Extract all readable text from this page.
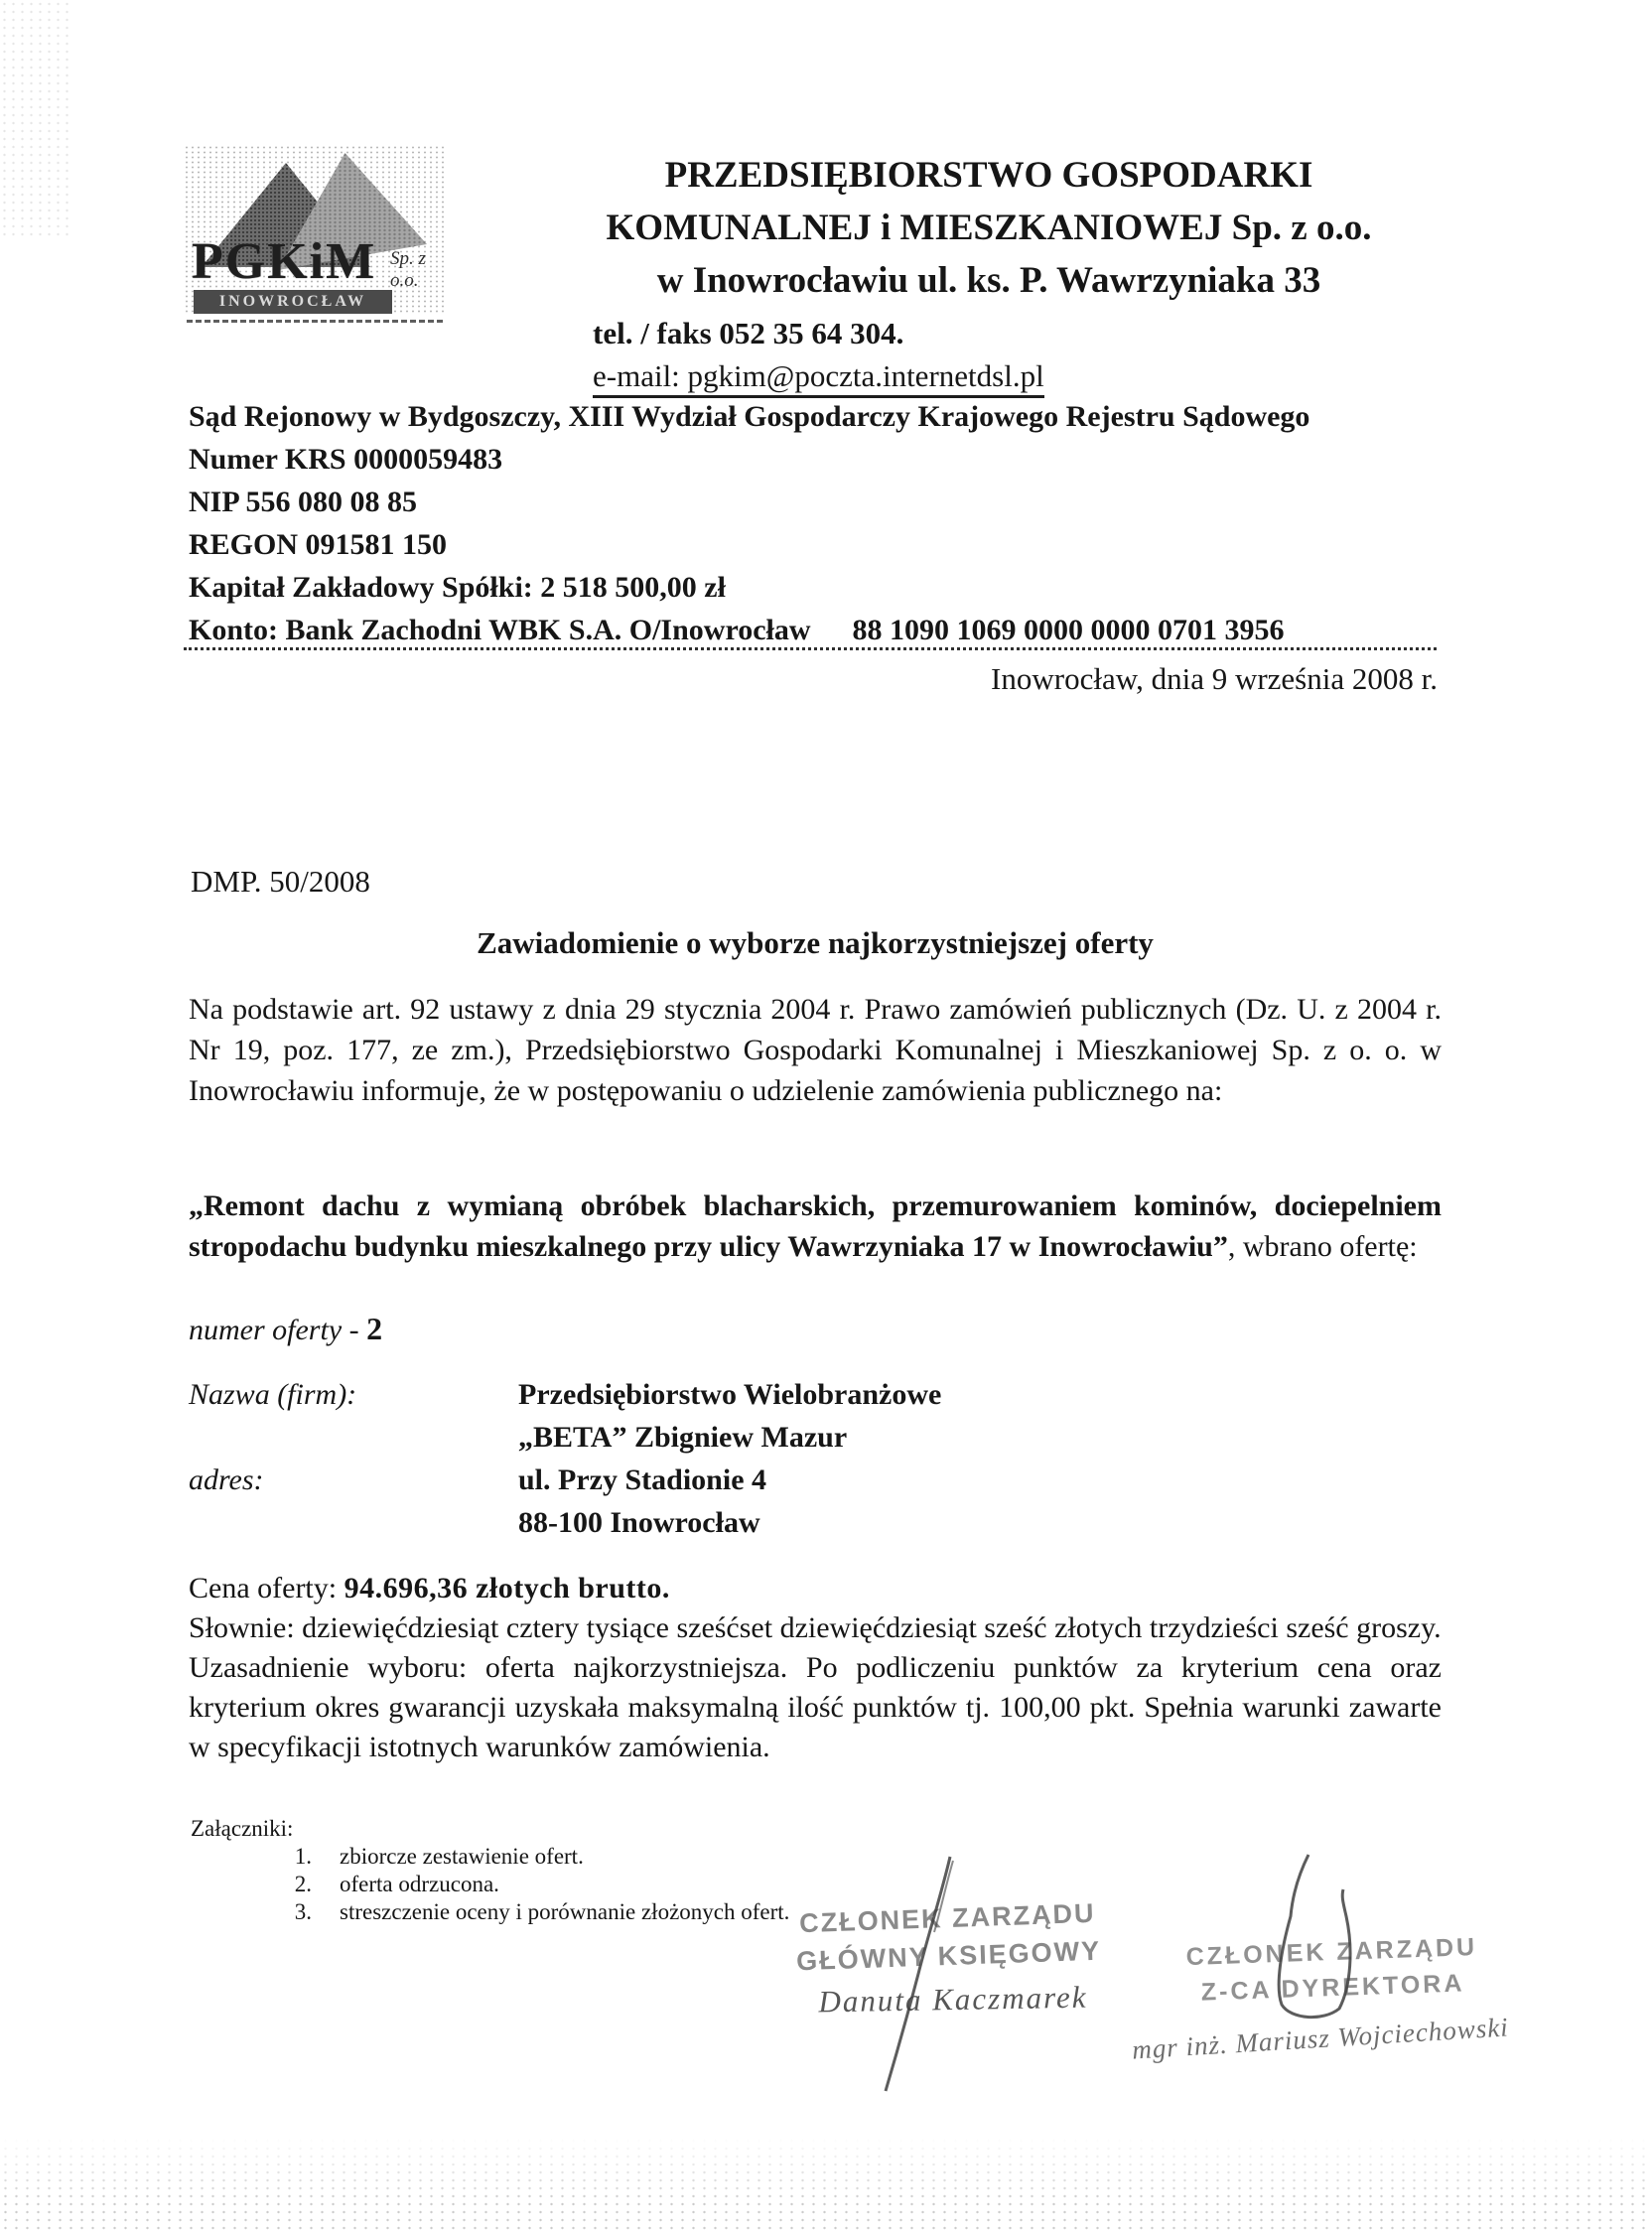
PGKiM
INOWROCŁAW
Sp. z o.o.
PRZEDSIĘBIORSTWO GOSPODARKI
KOMUNALNEJ i MIESZKANIOWEJ Sp. z o.o.
w Inowrocławiu ul. ks. P. Wawrzyniaka 33
tel. / faks 052 35 64 304.
e-mail: pgkim@poczta.internetdsl.pl
Sąd Rejonowy w Bydgoszczy, XIII Wydział Gospodarczy Krajowego Rejestru Sądowego
Numer KRS 0000059483
NIP 556 080 08 85
REGON 091581 150
Kapitał Zakładowy Spółki: 2 518 500,00 zł
Konto: Bank Zachodni WBK S.A. O/Inowrocław 88 1090 1069 0000 0000 0701 3956
Inowrocław, dnia 9 września 2008 r.
DMP. 50/2008
Zawiadomienie o wyborze najkorzystniejszej oferty
Na podstawie art. 92 ustawy z dnia 29 stycznia 2004 r. Prawo zamówień publicznych (Dz. U. z 2004 r. Nr 19, poz. 177, ze zm.), Przedsiębiorstwo Gospodarki Komunalnej i Mieszkaniowej Sp. z o. o. w Inowrocławiu informuje, że w postępowaniu o udzielenie zamówienia publicznego na:
„Remont dachu z wymianą obróbek blacharskich, przemurowaniem kominów, dociepelniem stropodachu budynku mieszkalnego przy ulicy Wawrzyniaka 17 w Inowrocławiu”, wbrano ofertę:
numer oferty - 2
Nazwa (firm):	Przedsiębiorstwo Wielobranżowe
„BETA” Zbigniew Mazur
adres:	ul. Przy Stadionie 4
88-100 Inowrocław
Cena oferty: 94.696,36 złotych brutto.
Słownie: dziewięćdziesiąt cztery tysiące sześćset dziewięćdziesiąt sześć złotych trzydzieści sześć groszy.
Uzasadnienie wyboru: oferta najkorzystniejsza. Po podliczeniu punktów za kryterium cena oraz kryterium okres gwarancji uzyskała maksymalną ilość punktów tj. 100,00 pkt. Spełnia warunki zawarte w specyfikacji istotnych warunków zamówienia.
Załączniki:
1.	zbiorcze zestawienie ofert.
2.	oferta odrzucona.
3.	streszczenie oceny i porównanie złożonych ofert. CZŁONEK ZARZĄDU
GŁÓWNY KSIĘGOWY
Danuta Kaczmarek
CZŁONEK ZARZĄDU
Z-CA DYREKTORA
mgr inż. Mariusz Wojciechowski
